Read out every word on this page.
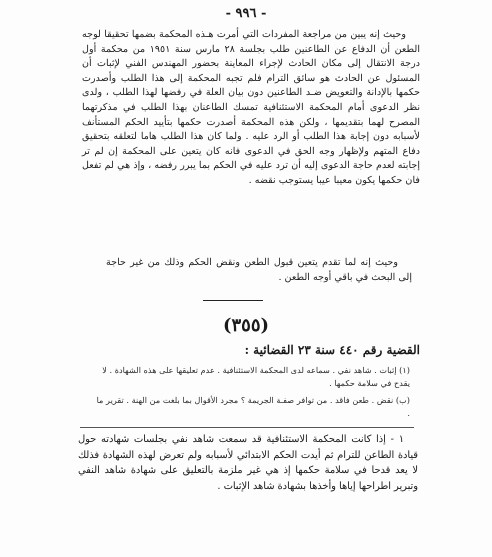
- ٩٩٦ -

وحيث إنه يبين من مراجعة المفردات التي أمرت هـذه المحكمة بضمها تحقيقا لوجه الطعن أن الدفاع عن الطاعنين طلب بجلسة ٢٨ مارس سنة ١٩٥١ من محكمة أول درجة الانتقال إلى مكان الحادث لإجراء المعاينة بحضور المهندس الفني لإثبات أن المسئول عن الحادث هو سائق الترام فلم تجبه المحكمة إلى هذا الطلب وأصدرت حكمها بالإدانة والتعويض ضـد الطاعنين دون بيان العلة في رفضها لهذا الطلب ، ولدى نظر الدعوى أمام المحكمة الاستئنافية تمسك الطاعنان بهذا الطلب في مذكرتهما المصرح لهما بتقديمها ، ولكن هذه المحكمة أصدرت حكمها بتأييد الحكم المستأنف لأسبابه دون إجابة هذا الطلب أو الرد عليه . ولما كان هذا الطلب هاما لتعلقه بتحقيق دفاع المتهم ولإظهار وجه الحق في الدعوى فانه كان يتعين على المحكمة إن لم تر إجابته لعدم حاجة الدعوى إليه أن ترد عليه في الحكم بما يبرر رفضه ، وإذ هي لم تفعل فان حكمها يكون معيبا عيبا يستوجب نقضه .

وحيث إنه لما تقدم يتعين قبول الطعن ونقض الحكم وذلك من غير حاجة إلى البحث في باقي أوجه الطعن .

(٣٥٥)
القضية رقم ٤٤٠ سنة ٢٣ القضائية :

(١) إثبات . شاهد نفي . سماعه لدى المحكمة الاستئنافية . عدم تعليقها على هذه الشهادة . لا يقدح في سلامة حكمها .

(ب) نقض . طعن فاقد . من توافر صفـة الجريمة ؟ مجرد الأقوال بما بلغت من الهنة . تقرير ما .

١ - إذا كانت المحكمة الاستئنافية قد سمعت شاهد نفي بجلسات شهادته حول قيادة الطاعن للترام ثم أيدت الحكم الابتدائي لأسبابه ولم تعرض لهذه الشهادة فذلك لا يعد قدحا في سلامة حكمها إذ هي غير ملزمة بالتعليق على شهادة شاهد النفي وتبرير اطراحها إياها وأخذها بشهادة شاهد الإثبات .
